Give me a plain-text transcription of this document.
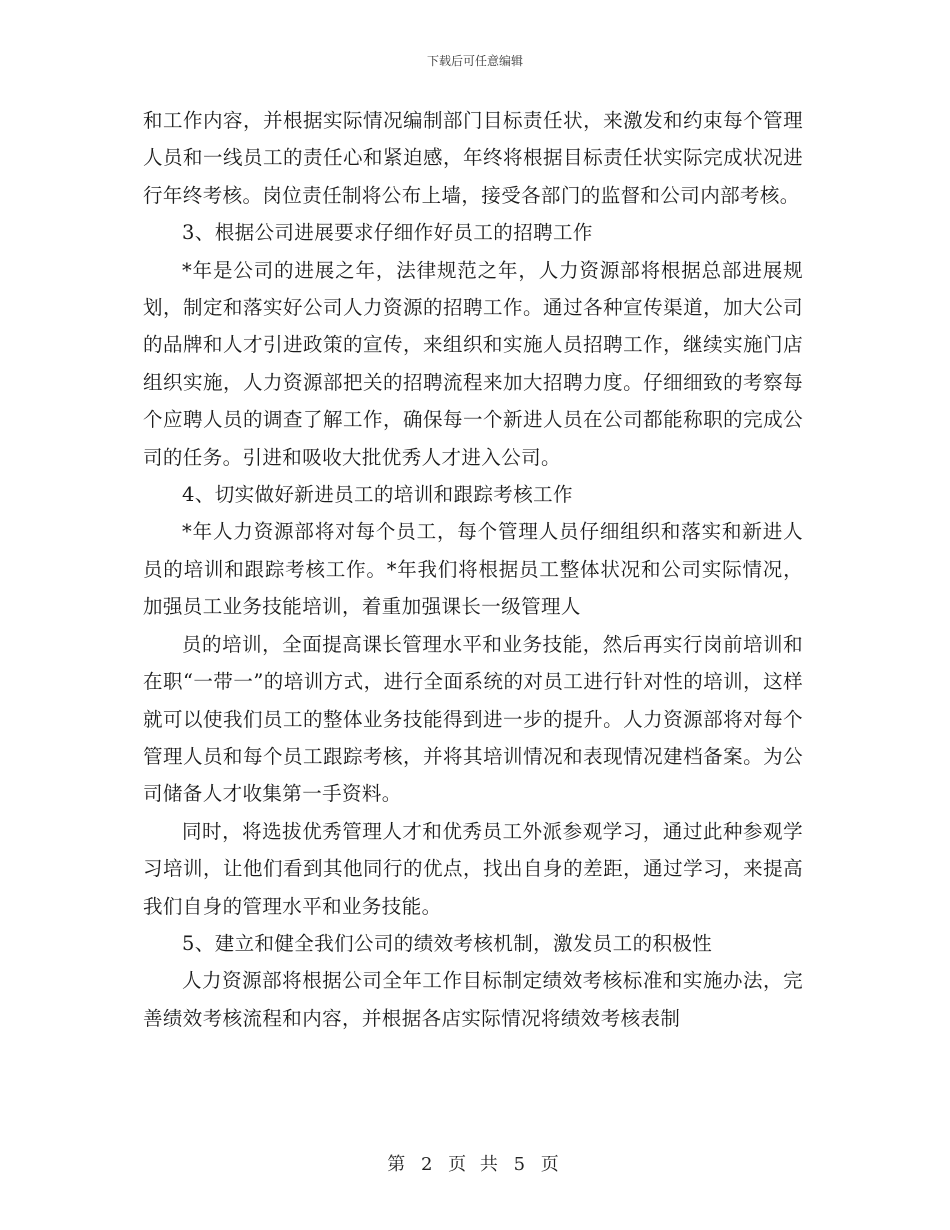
下载后可任意编辑

和工作内容，并根据实际情况编制部门目标责任状，来激发和约束每个管理人员和一线员工的责任心和紧迫感，年终将根据目标责任状实际完成状况进行年终考核。岗位责任制将公布上墙，接受各部门的监督和公司内部考核。

3、根据公司进展要求仔细作好员工的招聘工作

*年是公司的进展之年，法律规范之年，人力资源部将根据总部进展规划，制定和落实好公司人力资源的招聘工作。通过各种宣传渠道，加大公司的品牌和人才引进政策的宣传，来组织和实施人员招聘工作，继续实施门店组织实施，人力资源部把关的招聘流程来加大招聘力度。仔细细致的考察每个应聘人员的调查了解工作，确保每一个新进人员在公司都能称职的完成公司的任务。引进和吸收大批优秀人才进入公司。

4、切实做好新进员工的培训和跟踪考核工作

*年人力资源部将对每个员工，每个管理人员仔细组织和落实和新进人员的培训和跟踪考核工作。*年我们将根据员工整体状况和公司实际情况，加强员工业务技能培训，着重加强课长一级管理人

员的培训，全面提高课长管理水平和业务技能，然后再实行岗前培训和在职“一带一”的培训方式，进行全面系统的对员工进行针对性的培训，这样就可以使我们员工的整体业务技能得到进一步的提升。人力资源部将对每个管理人员和每个员工跟踪考核，并将其培训情况和表现情况建档备案。为公司储备人才收集第一手资料。

同时，将选拔优秀管理人才和优秀员工外派参观学习，通过此种参观学习培训，让他们看到其他同行的优点，找出自身的差距，通过学习，来提高我们自身的管理水平和业务技能。

5、建立和健全我们公司的绩效考核机制，激发员工的积极性

人力资源部将根据公司全年工作目标制定绩效考核标准和实施办法，完善绩效考核流程和内容，并根据各店实际情况将绩效考核表制

第 2 页 共 5 页
